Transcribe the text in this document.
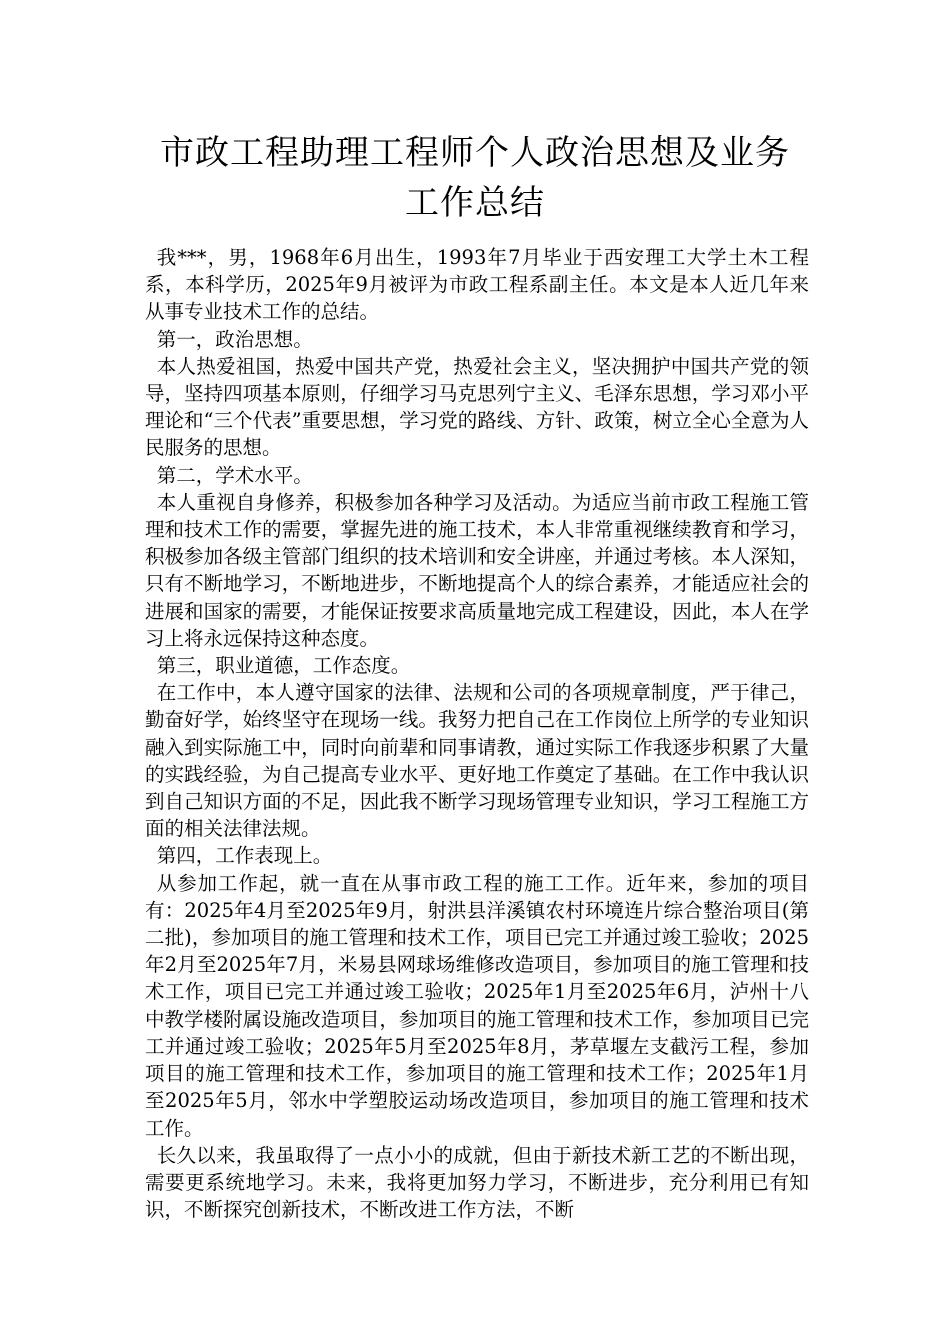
市政工程助理工程师个人政治思想及业务
工作总结

我***，男，1968年6月出生，1993年7月毕业于西安理工大学土木工程系，本科学历，2025年9月被评为市政工程系副主任。本文是本人近几年来从事专业技术工作的总结。

第一，政治思想。

本人热爱祖国，热爱中国共产党，热爱社会主义，坚决拥护中国共产党的领导，坚持四项基本原则，仔细学习马克思列宁主义、毛泽东思想，学习邓小平理论和“三个代表”重要思想，学习党的路线、方针、政策，树立全心全意为人民服务的思想。

第二，学术水平。

本人重视自身修养，积极参加各种学习及活动。为适应当前市政工程施工管理和技术工作的需要，掌握先进的施工技术，本人非常重视继续教育和学习，积极参加各级主管部门组织的技术培训和安全讲座，并通过考核。本人深知，只有不断地学习，不断地进步，不断地提高个人的综合素养，才能适应社会的进展和国家的需要，才能保证按要求高质量地完成工程建设，因此，本人在学习上将永远保持这种态度。

第三，职业道德，工作态度。

在工作中，本人遵守国家的法律、法规和公司的各项规章制度，严于律己，勤奋好学，始终坚守在现场一线。我努力把自己在工作岗位上所学的专业知识融入到实际施工中，同时向前辈和同事请教，通过实际工作我逐步积累了大量的实践经验，为自己提高专业水平、更好地工作奠定了基础。在工作中我认识到自己知识方面的不足，因此我不断学习现场管理专业知识，学习工程施工方面的相关法律法规。

第四，工作表现上。

从参加工作起，就一直在从事市政工程的施工工作。近年来，参加的项目有：2025年4月至2025年9月，射洪县洋溪镇农村环境连片综合整治项目(第二批)，参加项目的施工管理和技术工作，项目已完工并通过竣工验收；2025年2月至2025年7月，米易县网球场维修改造项目，参加项目的施工管理和技术工作，项目已完工并通过竣工验收；2025年1月至2025年6月，泸州十八中教学楼附属设施改造项目，参加项目的施工管理和技术工作，参加项目已完工并通过竣工验收；2025年5月至2025年8月，茅草堰左支截污工程，参加项目的施工管理和技术工作，参加项目的施工管理和技术工作；2025年1月至2025年5月，邻水中学塑胶运动场改造项目，参加项目的施工管理和技术工作。

长久以来，我虽取得了一点小小的成就，但由于新技术新工艺的不断出现，需要更系统地学习。未来，我将更加努力学习，不断进步，充分利用已有知识，不断探究创新技术，不断改进工作方法，不断
